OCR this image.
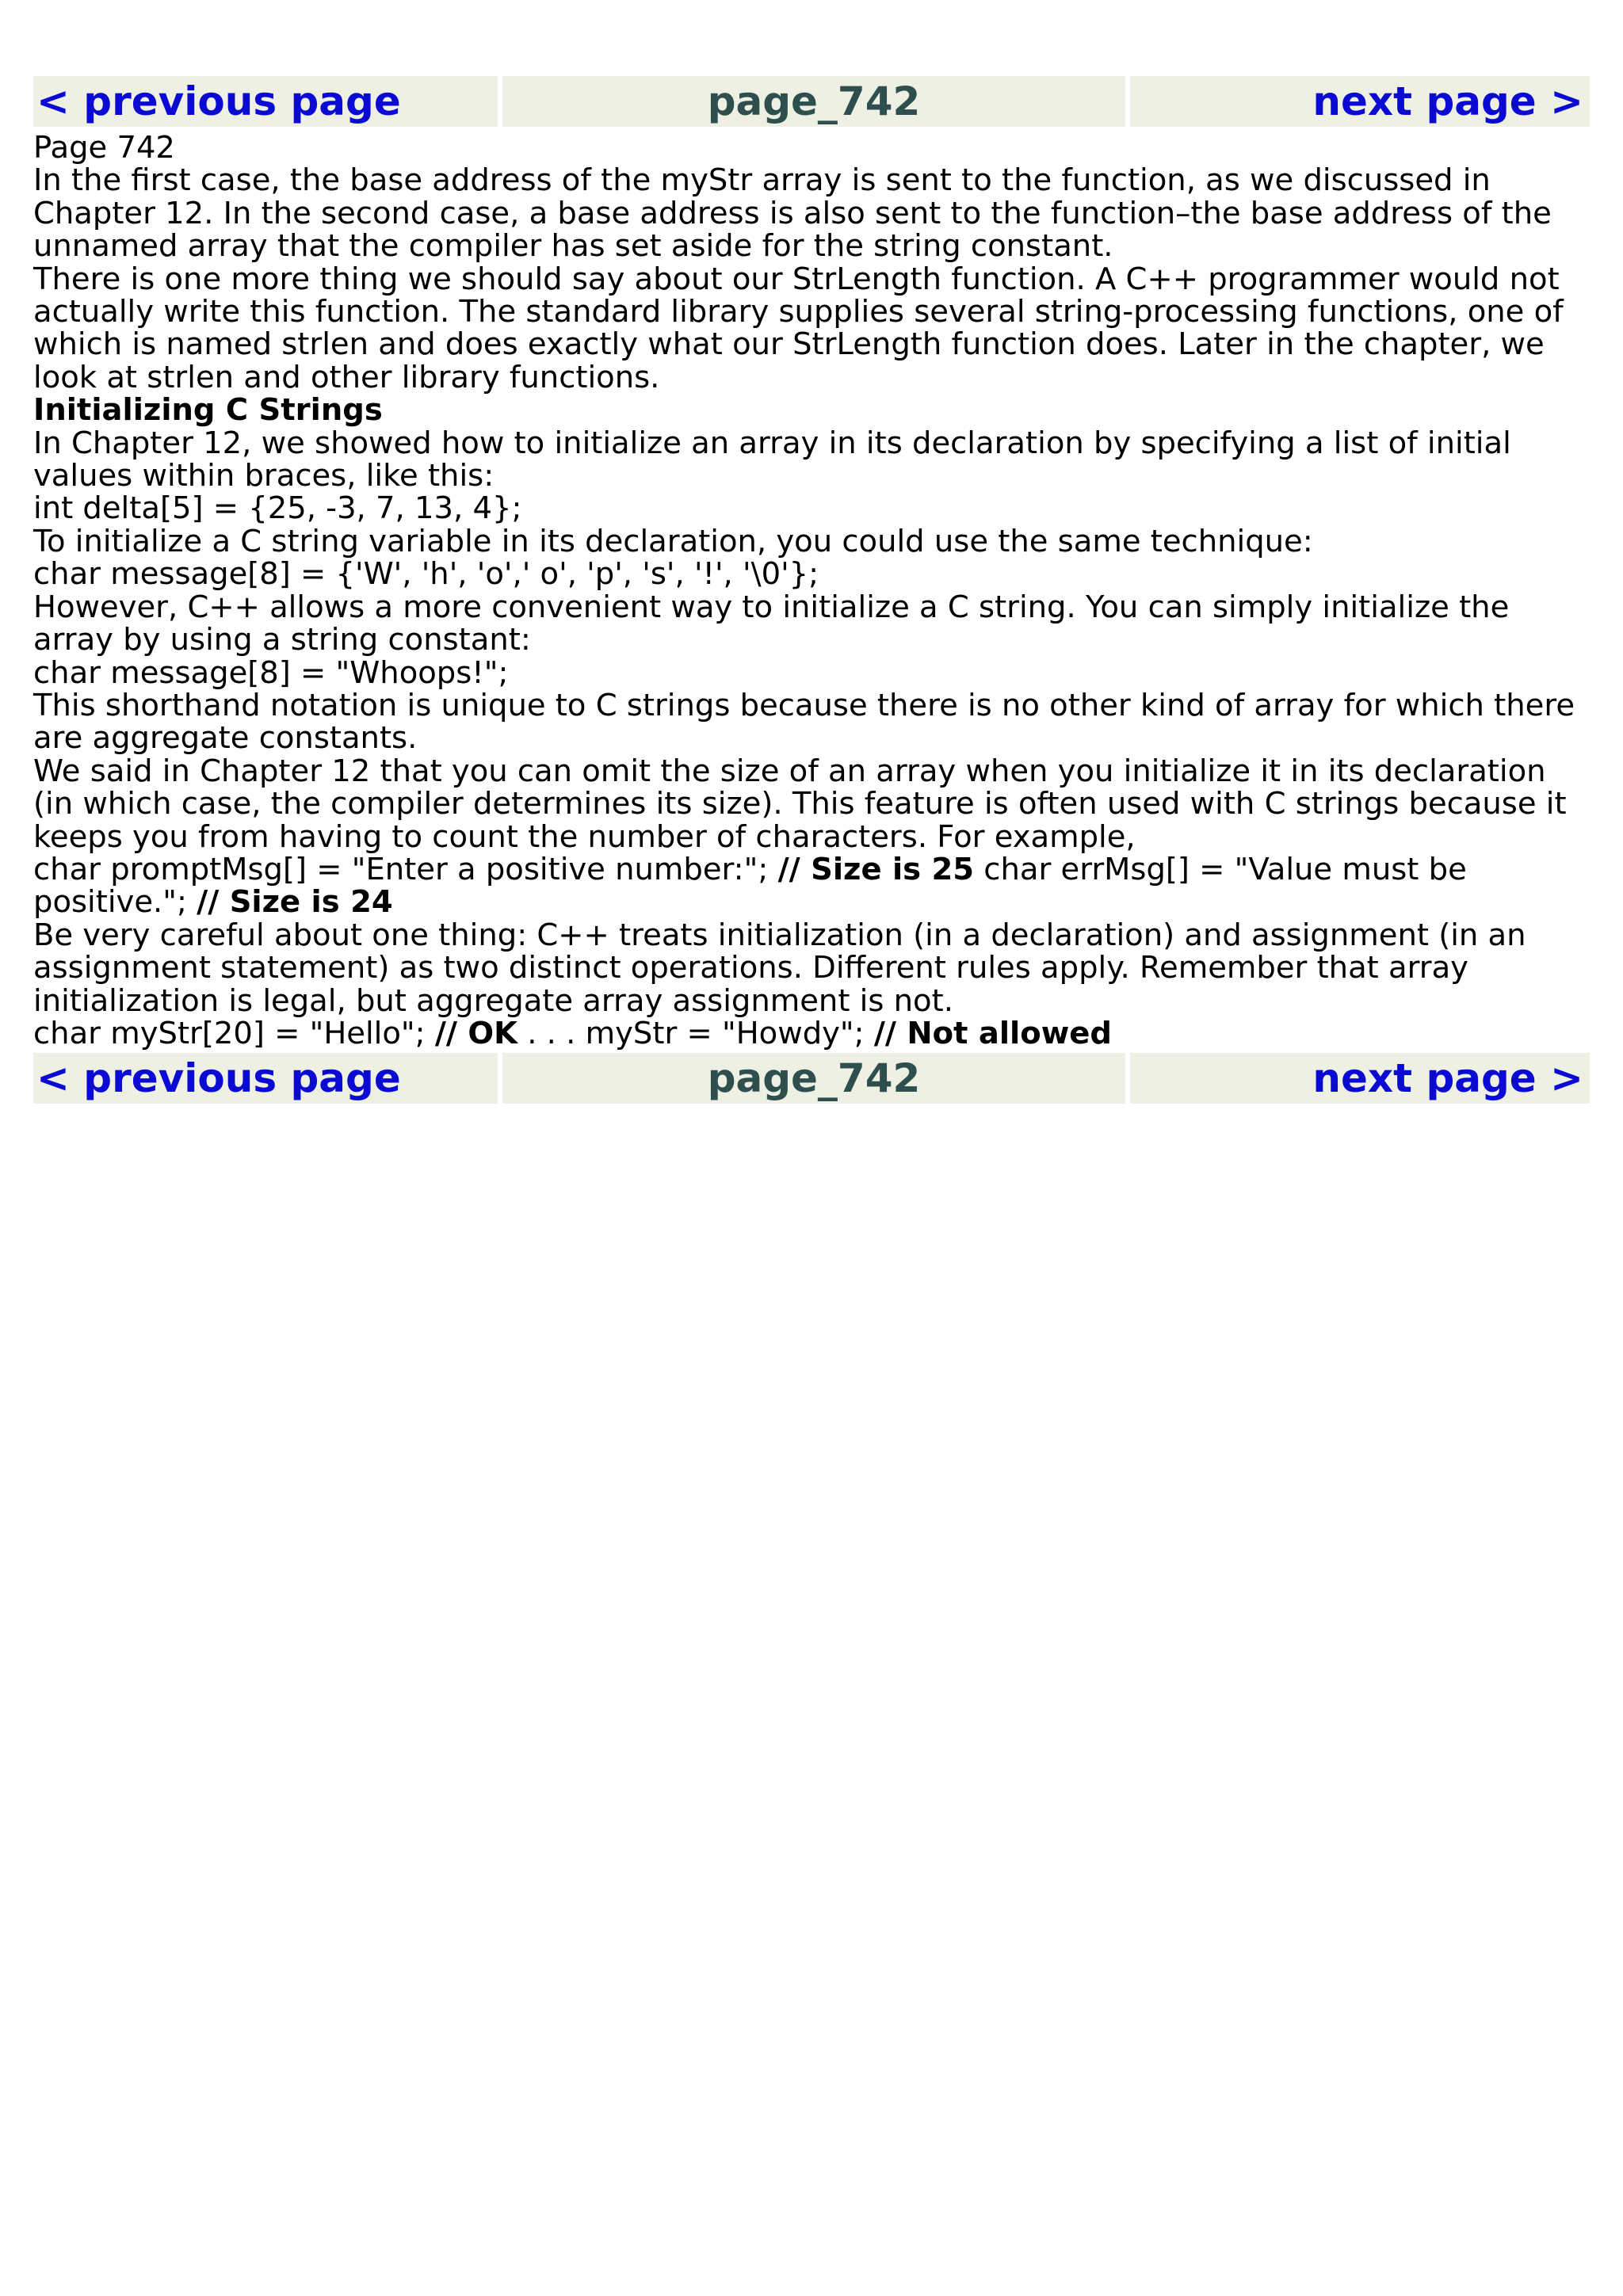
< previous page	page_742	next page >

Page 742

In the first case, the base address of the myStr array is sent to the function, as we discussed in Chapter 12. In the second case, a base address is also sent to the function–the base address of the unnamed array that the compiler has set aside for the string constant.

There is one more thing we should say about our StrLength function. A C++ programmer would not actually write this function. The standard library supplies several string-processing functions, one of which is named strlen and does exactly what our StrLength function does. Later in the chapter, we look at strlen and other library functions.

Initializing C Strings

In Chapter 12, we showed how to initialize an array in its declaration by specifying a list of initial values within braces, like this:

int delta[5] = {25, -3, 7, 13, 4};

To initialize a C string variable in its declaration, you could use the same technique:

char message[8] = {'W', 'h', 'o',' o', 'p', 's', '!', '\0'};

However, C++ allows a more convenient way to initialize a C string. You can simply initialize the array by using a string constant:

char message[8] = "Whoops!";

This shorthand notation is unique to C strings because there is no other kind of array for which there are aggregate constants.

We said in Chapter 12 that you can omit the size of an array when you initialize it in its declaration (in which case, the compiler determines its size). This feature is often used with C strings because it keeps you from having to count the number of characters. For example,

char promptMsg[] = "Enter a positive number:"; // Size is 25 char errMsg[] = "Value must be positive."; // Size is 24

Be very careful about one thing: C++ treats initialization (in a declaration) and assignment (in an assignment statement) as two distinct operations. Different rules apply. Remember that array initialization is legal, but aggregate array assignment is not.

char myStr[20] = "Hello"; // OK . . . myStr = "Howdy"; // Not allowed

< previous page	page_742	next page >
